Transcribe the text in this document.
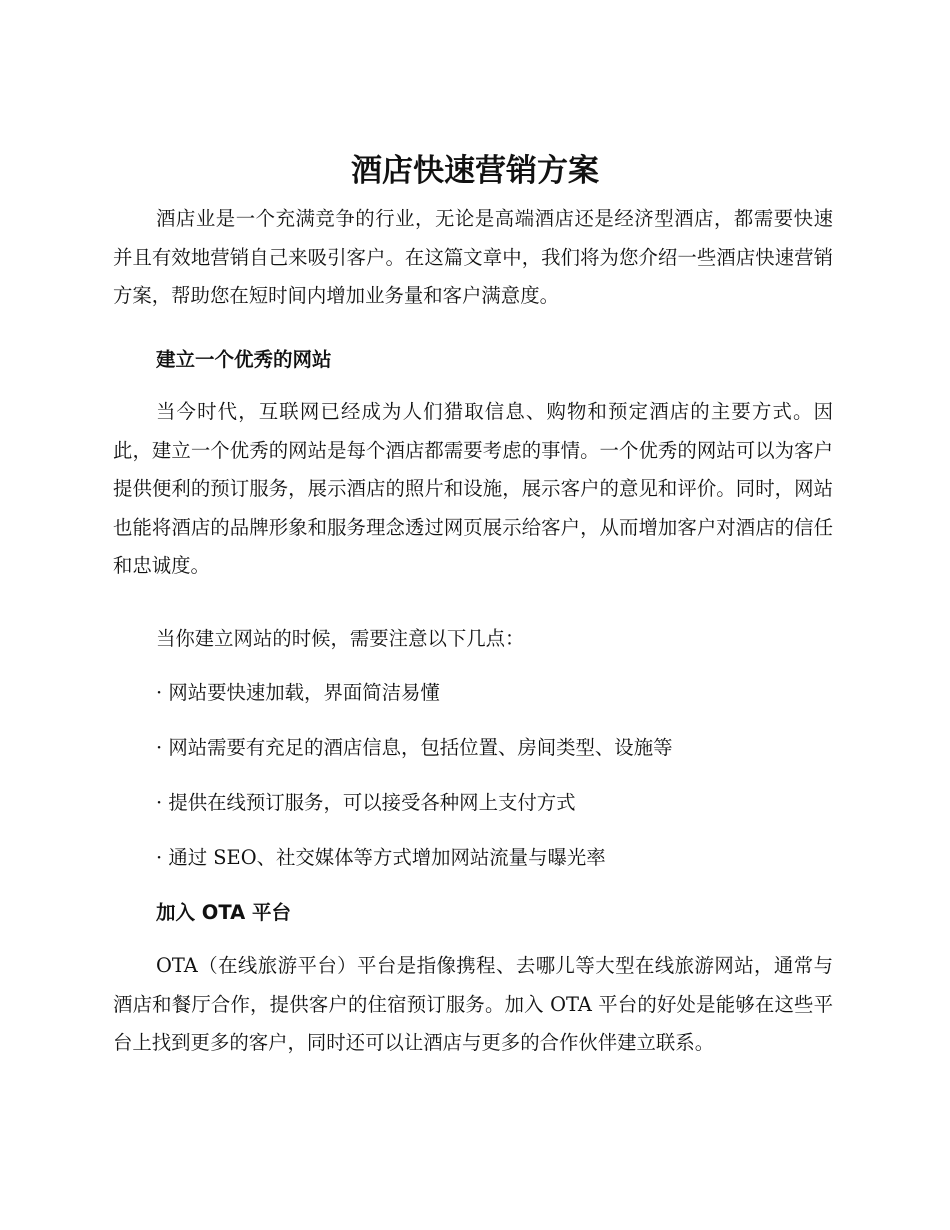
酒店快速营销方案
酒店业是一个充满竞争的行业，无论是高端酒店还是经济型酒店，都需要快速并且有效地营销自己来吸引客户。在这篇文章中，我们将为您介绍一些酒店快速营销方案，帮助您在短时间内增加业务量和客户满意度。
建立一个优秀的网站
当今时代，互联网已经成为人们猎取信息、购物和预定酒店的主要方式。因此，建立一个优秀的网站是每个酒店都需要考虑的事情。一个优秀的网站可以为客户提供便利的预订服务，展示酒店的照片和设施，展示客户的意见和评价。同时，网站也能将酒店的品牌形象和服务理念透过网页展示给客户，从而增加客户对酒店的信任和忠诚度。
当你建立网站的时候，需要注意以下几点：
· 网站要快速加载，界面简洁易懂
· 网站需要有充足的酒店信息，包括位置、房间类型、设施等
· 提供在线预订服务，可以接受各种网上支付方式
· 通过 SEO、社交媒体等方式增加网站流量与曝光率
加入 OTA 平台
OTA（在线旅游平台）平台是指像携程、去哪儿等大型在线旅游网站，通常与酒店和餐厅合作，提供客户的住宿预订服务。加入 OTA 平台的好处是能够在这些平台上找到更多的客户，同时还可以让酒店与更多的合作伙伴建立联系。
